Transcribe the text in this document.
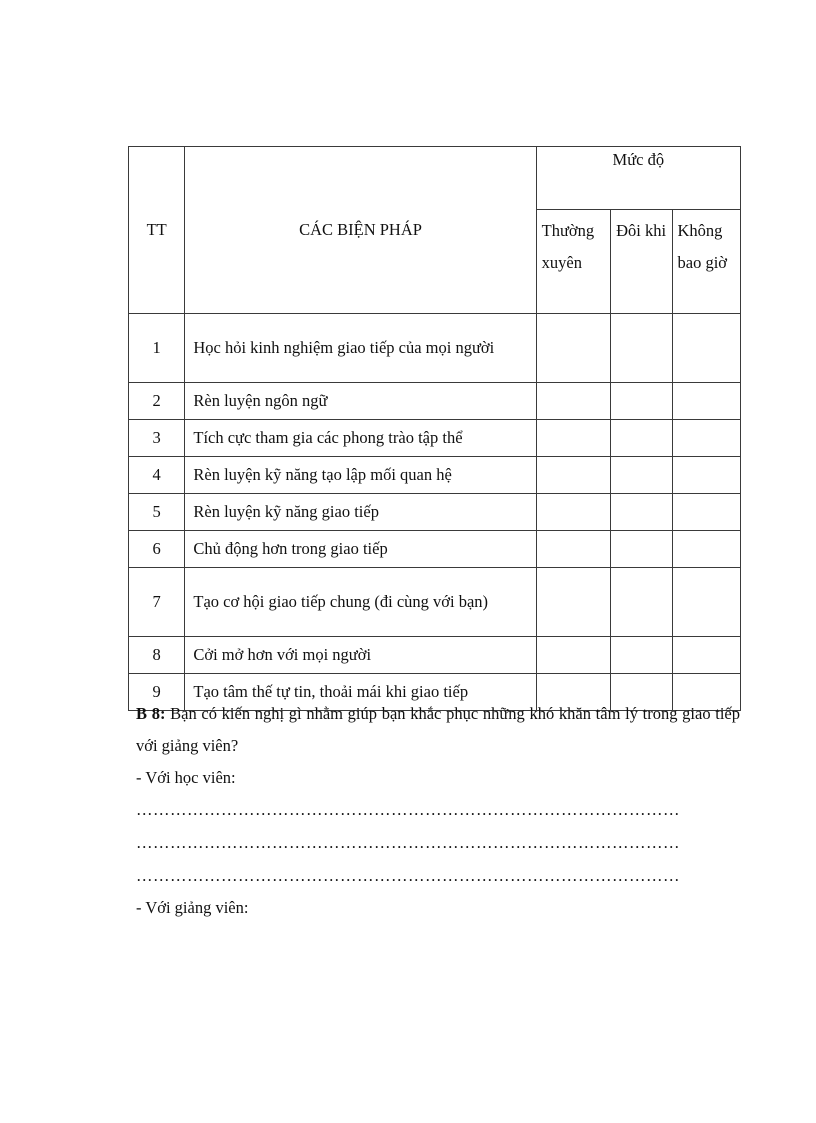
TT	CÁC BIỆN PHÁP	Mức độ		
		Thường xuyên	Đôi khi	Không bao giờ
1	Học hỏi kinh nghiệm giao tiếp của mọi người			
2	Rèn luyện ngôn ngữ			
3	Tích cực tham gia các phong trào tập thể			
4	Rèn luyện kỹ năng tạo lập mối quan hệ			
5	Rèn luyện kỹ năng giao tiếp			
6	Chủ động hơn trong giao tiếp			
7	Tạo cơ hội giao tiếp chung (đi cùng với bạn)			
8	Cởi mở hơn với mọi người			
9	Tạo tâm thế tự tin, thoải mái khi giao tiếp			

B 8: Bạn có kiến nghị gì nhằm giúp bạn khắc phục những khó khăn tâm lý trong giao tiếp với giảng viên?

- Với học viên:

……………………………………………………………………………………

……………………………………………………………………………………

……………………………………………………………………………………

- Với giảng viên:
